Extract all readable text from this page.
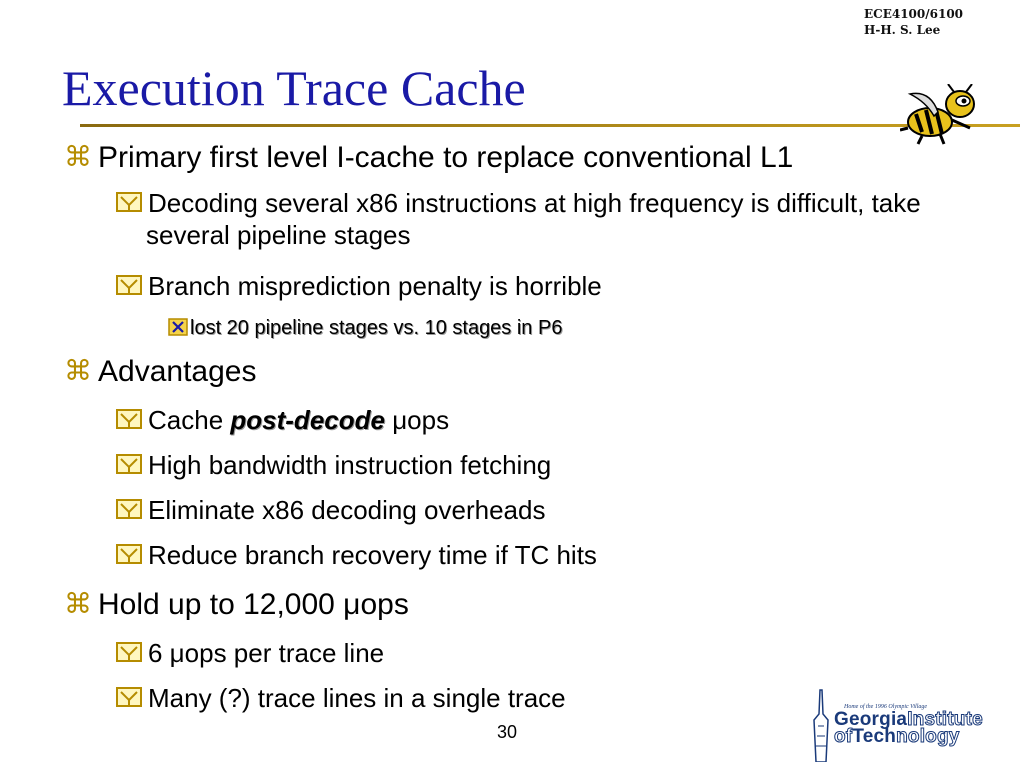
ECE4100/6100
H-H. S. Lee
Execution Trace Cache
⌘ Primary first level I-cache to replace conventional L1
Decoding several x86 instructions at high frequency is difficult, take several pipeline stages
Branch misprediction penalty is horrible
lost 20 pipeline stages vs. 10 stages in P6
⌘ Advantages
Cache post-decode μops
High bandwidth instruction fetching
Eliminate x86 decoding overheads
Reduce branch recovery time if TC hits
⌘ Hold up to 12,000 μops
6 μops per trace line
Many (?) trace lines in a single trace
30
Home of the 1996 Olympic Village
GeorgiaInstitute
ofTechnology
